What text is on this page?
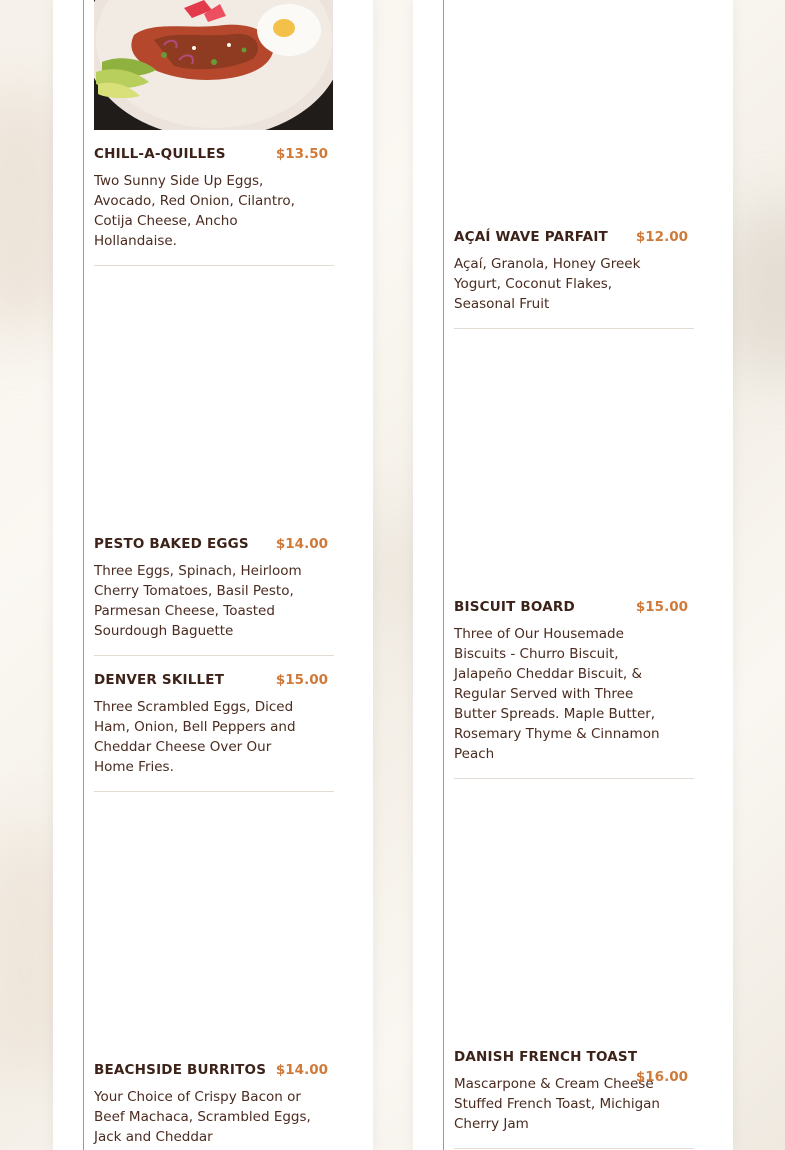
CHILL-A-QUILLES	$13.50
Two Sunny Side Up Eggs, Avocado, Red Onion, Cilantro, Cotija Cheese, Ancho Hollandaise.
PESTO BAKED EGGS $14.00
Three Eggs, Spinach, Heirloom Cherry Tomatoes, Basil Pesto, Parmesan Cheese, Toasted Sourdough Baguette
DENVER SKILLET	$15.00
Three Scrambled Eggs, Diced Ham, Onion, Bell Peppers and Cheddar Cheese Over Our Home Fries.
BEACHSIDE BURRITOS $14.00
Your Choice of Crispy Bacon or Beef Machaca, Scrambled Eggs, Jack and Cheddar
AÇAÍ WAVE PARFAIT $12.00
Açaí, Granola, Honey Greek Yogurt, Coconut Flakes, Seasonal Fruit
BISCUIT BOARD	$15.00
Three of Our Housemade Biscuits - Churro Biscuit, Jalapeño Cheddar Biscuit, & Regular Served with Three Butter Spreads. Maple Butter, Rosemary Thyme & Cinnamon Peach
DANISH FRENCH TOAST
$16.00
Mascarpone & Cream Cheese Stuffed French Toast, Michigan Cherry Jam
